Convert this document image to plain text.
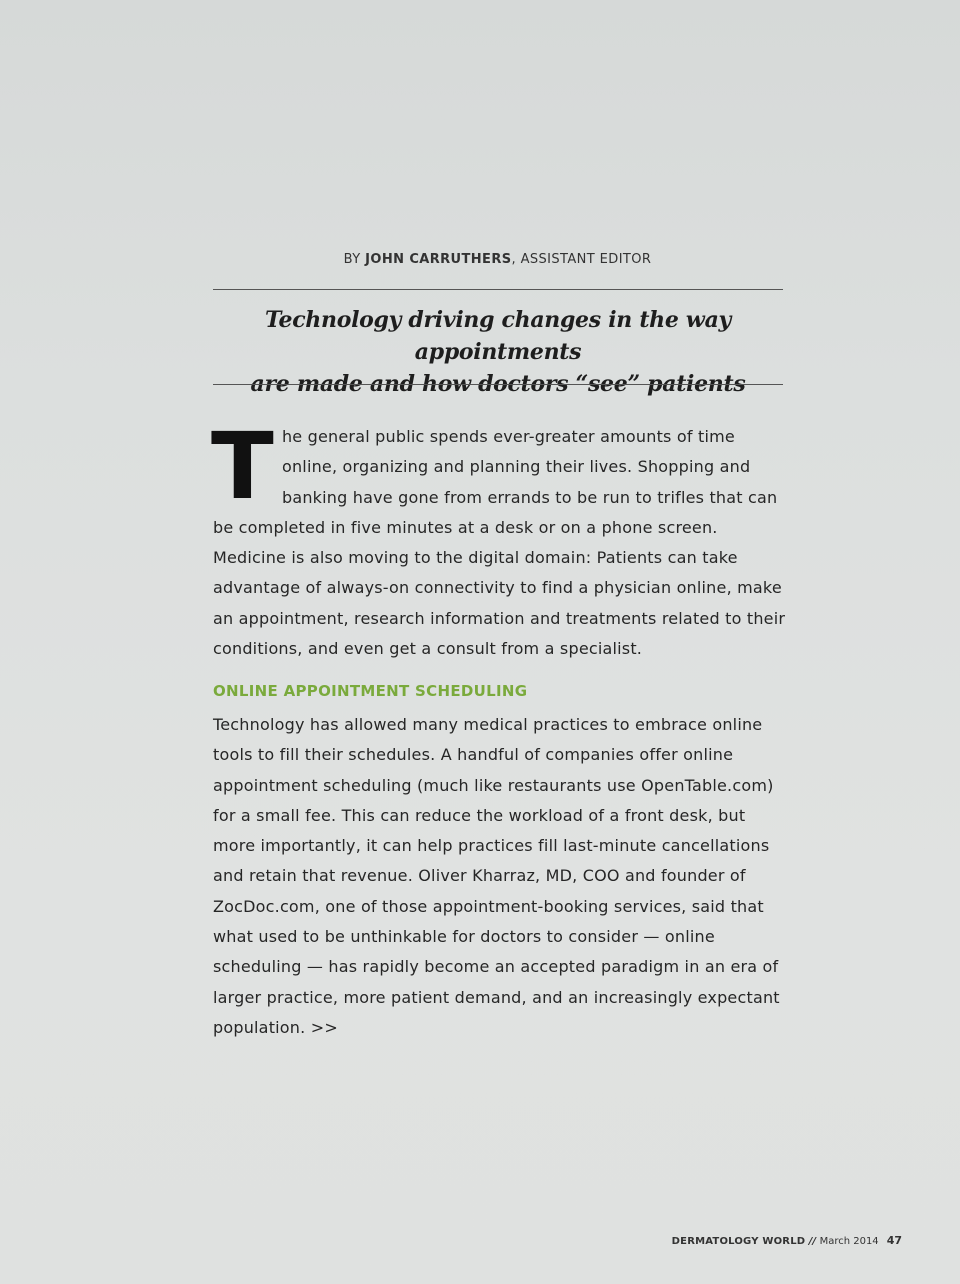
BY JOHN CARRUTHERS, ASSISTANT EDITOR
Technology driving changes in the way appointments
are made and how doctors “see” patients
The general public spends ever-greater amounts of time online, organizing and planning their lives. Shopping and banking have gone from errands to be run to trifles that can be completed in five minutes at a desk or on a phone screen. Medicine is also moving to the digital domain: Patients can take advantage of always-on connectivity to find a physician online, make an appointment, research information and treatments related to their conditions, and even get a consult from a specialist.
ONLINE APPOINTMENT SCHEDULING
Technology has allowed many medical practices to embrace online tools to fill their schedules. A handful of companies offer online appointment scheduling (much like restaurants use OpenTable.com) for a small fee. This can reduce the workload of a front desk, but more importantly, it can help practices fill last-minute cancellations and retain that revenue. Oliver Kharraz, MD, COO and founder of ZocDoc.com, one of those appointment-booking services, said that what used to be unthinkable for doctors to consider — online scheduling — has rapidly become an accepted paradigm in an era of larger practice, more patient demand, and an increasingly expectant population. >>
DERMATOLOGY WORLD // March 2014 47
